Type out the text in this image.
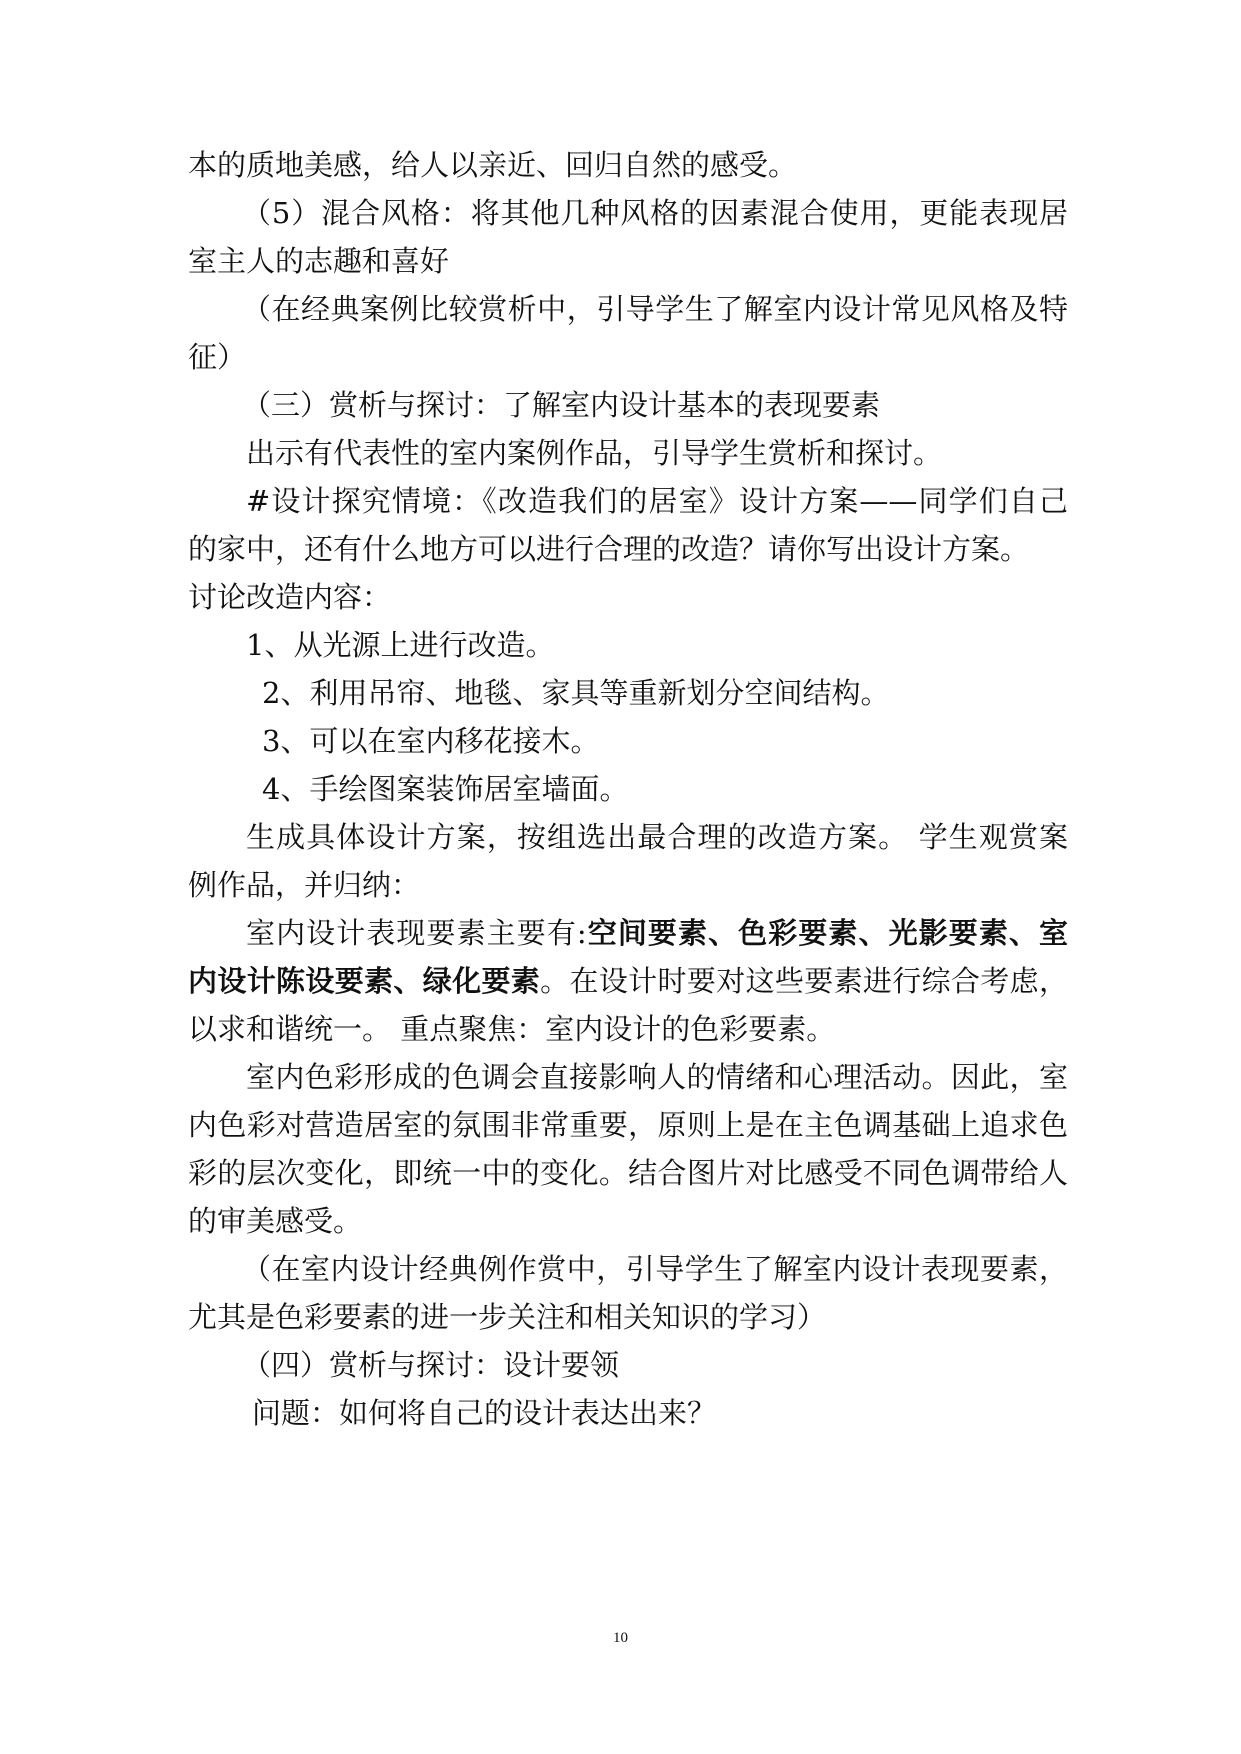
本的质地美感，给人以亲近、回归自然的感受。
（5）混合风格：将其他几种风格的因素混合使用，更能表现居
室主人的志趣和喜好
（在经典案例比较赏析中，引导学生了解室内设计常见风格及特
征）
（三）赏析与探讨：了解室内设计基本的表现要素
出示有代表性的室内案例作品，引导学生赏析和探讨。
#设计探究情境：《改造我们的居室》设计方案——同学们自己
的家中，还有什么地方可以进行合理的改造？请你写出设计方案。
讨论改造内容：
1、从光源上进行改造。
2、利用吊帘、地毯、家具等重新划分空间结构。
3、可以在室内移花接木。
4、手绘图案装饰居室墙面。
生成具体设计方案，按组选出最合理的改造方案。 学生观赏案
例作品，并归纳：
室内设计表现要素主要有:空间要素、色彩要素、光影要素、室
内设计陈设要素、绿化要素。在设计时要对这些要素进行综合考虑，
以求和谐统一。 重点聚焦：室内设计的色彩要素。
室内色彩形成的色调会直接影响人的情绪和心理活动。因此，室
内色彩对营造居室的氛围非常重要，原则上是在主色调基础上追求色
彩的层次变化，即统一中的变化。结合图片对比感受不同色调带给人
的审美感受。
（在室内设计经典例作赏中，引导学生了解室内设计表现要素，
尤其是色彩要素的进一步关注和相关知识的学习）
（四）赏析与探讨：设计要领
问题：如何将自己的设计表达出来？
10
